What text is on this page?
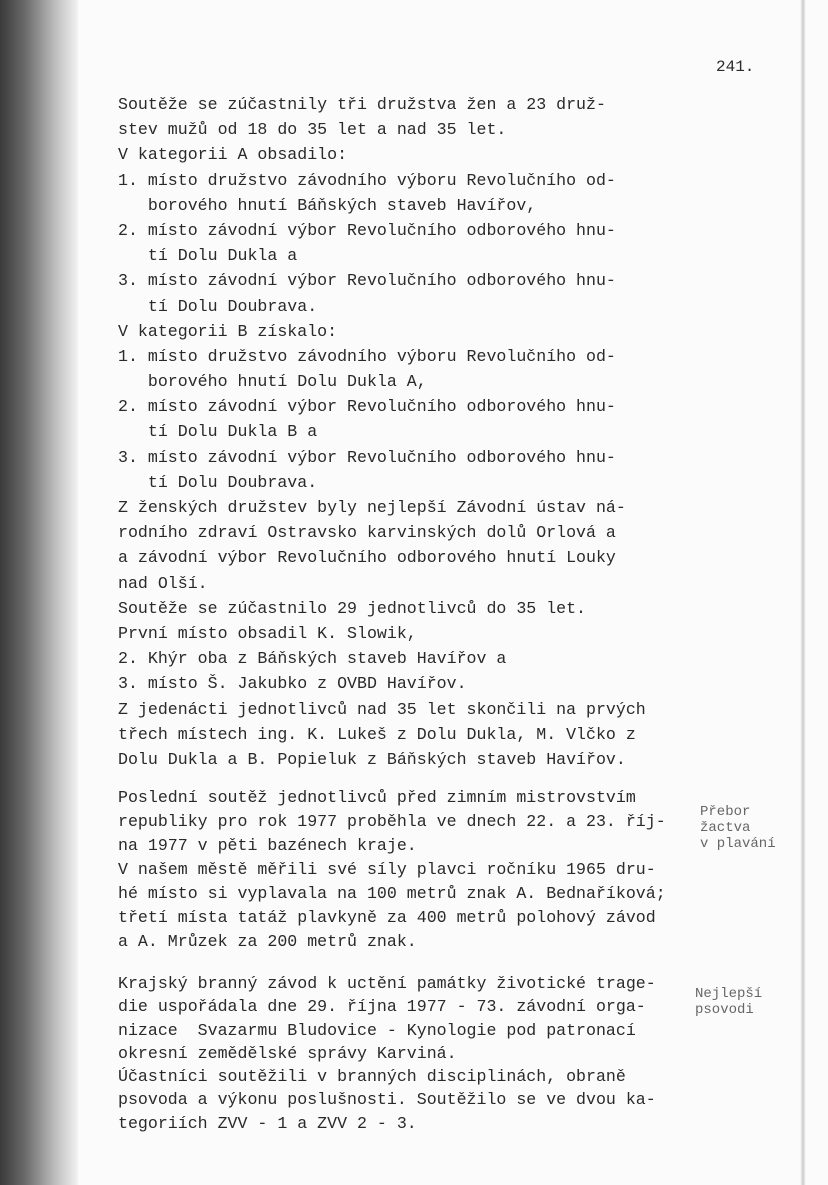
241.
Soutěže se zúčastnily tři družstva žen a 23 druž-
stev mužů od 18 do 35 let a nad 35 let.
V kategorii A obsadilo:
1. místo družstvo závodního výboru Revolučního od-
borového hnutí Báňských staveb Havířov,
2. místo závodní výbor Revolučního odborového hnu-
tí Dolu Dukla a
3. místo závodní výbor Revolučního odborového hnu-
tí Dolu Doubrava.
V kategorii B získalo:
1. místo družstvo závodního výboru Revolučního od-
borového hnutí Dolu Dukla A,
2. místo závodní výbor Revolučního odborového hnu-
tí Dolu Dukla B a
3. místo závodní výbor Revolučního odborového hnu-
tí Dolu Doubrava.
Z ženských družstev byly nejlepší Závodní ústav ná-
rodního zdraví Ostravsko karvinských dolů Orlová a
a závodní výbor Revolučního odborového hnutí Louky
nad Olší.
Soutěže se zúčastnilo 29 jednotlivců do 35 let.
První místo obsadil K. Slowik,
2. Khýr oba z Báňských staveb Havířov a
3. místo Š. Jakubko z OVBD Havířov.
Z jedenácti jednotlivců nad 35 let skončili na prvých
třech místech ing. K. Lukeš z Dolu Dukla, M. Vlčko z
Dolu Dukla a B. Popieluk z Báňských staveb Havířov.
Poslední soutěž jednotlivců před zimním mistrovstvím
republiky pro rok 1977 proběhla ve dnech 22. a 23. říj-
na 1977 v pěti bazénech kraje.
V našem městě měřili své síly plavci ročníku 1965 dru-
hé místo si vyplavala na 100 metrů znak A. Bednaříková;
třetí místa tatáž plavkyně za 400 metrů polohový závod
a A. Mrůzek za 200 metrů znak.
Přebor
žactva
v plavání
Krajský branný závod k uctění památky životické trage-
die uspořádala dne 29. října 1977 - 73. závodní orga-
nizace  Svazarmu Bludovice - Kynologie pod patronací
okresní zemědělské správy Karviná.
Účastníci soutěžili v branných disciplinách, obraně
psovoda a výkonu poslušnosti. Soutěžilo se ve dvou ka-
tegoriích ZVV - 1 a ZVV 2 - 3.
Nejlepší
psovodi
